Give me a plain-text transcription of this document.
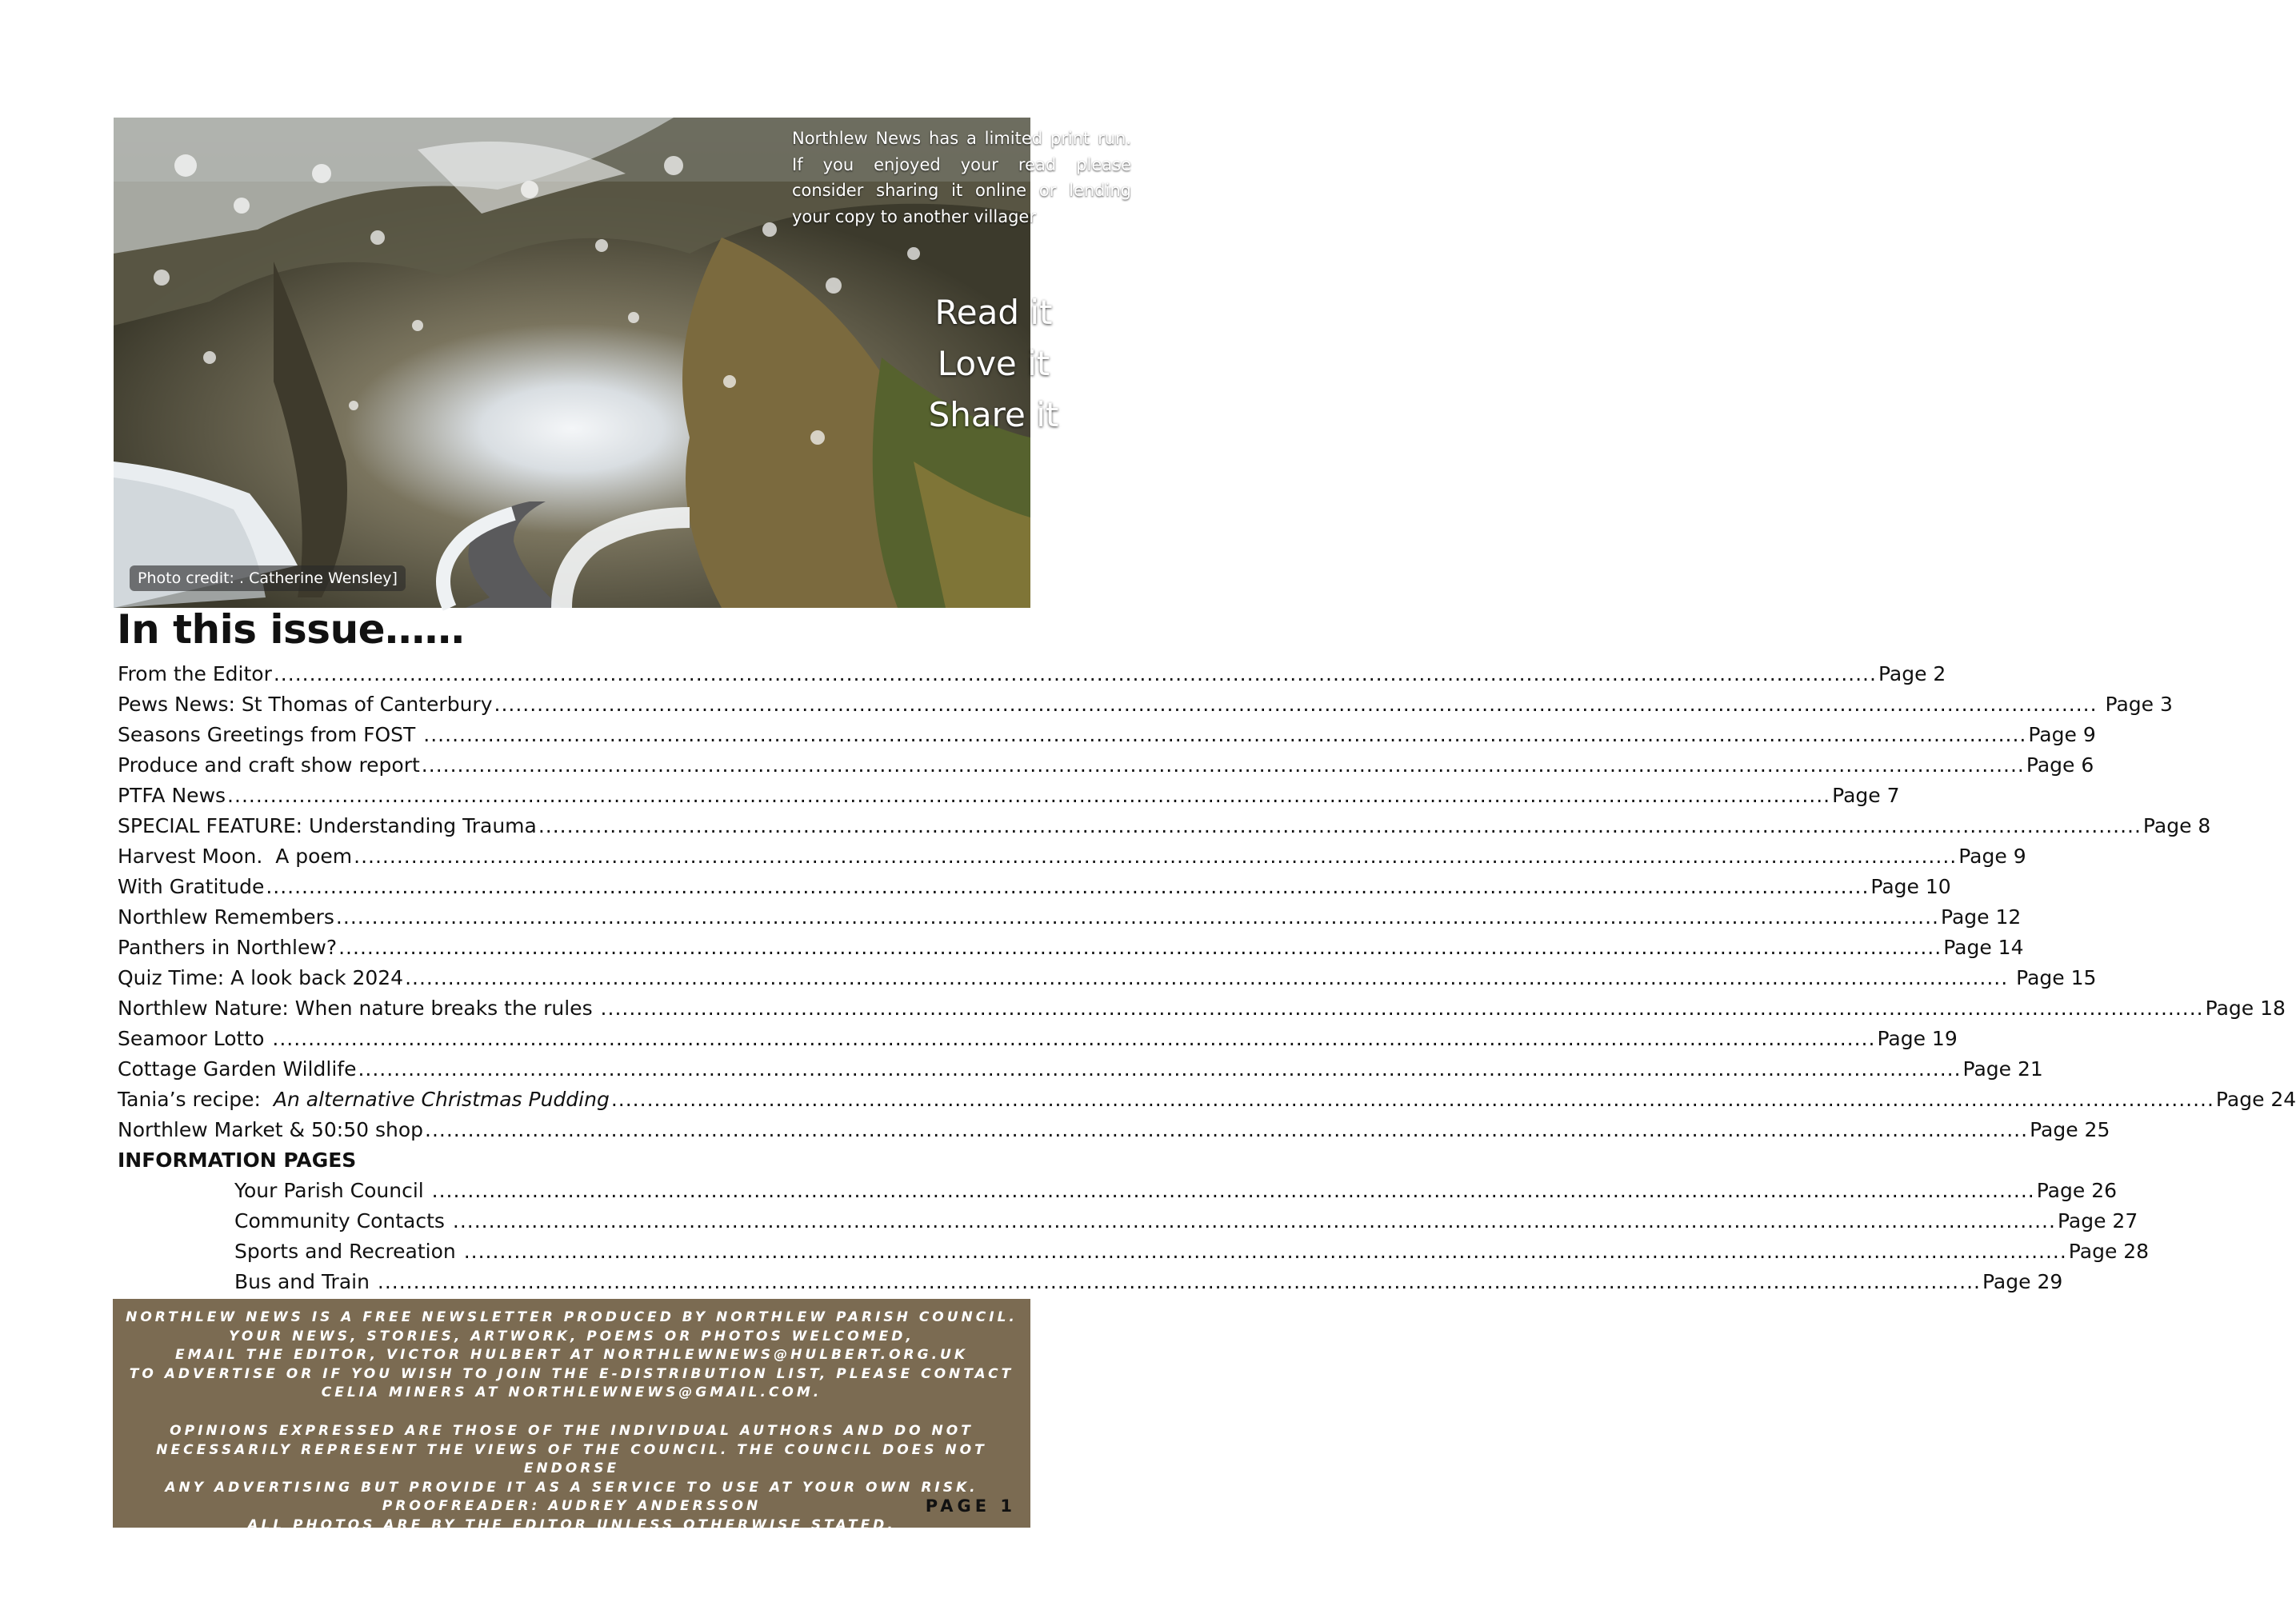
Northlew News has a limited print run. If you enjoyed your read please consider sharing it online or lending your copy to another villager
Read it
Love it
Share it
Photo credit: . Catherine Wensley]
In this issue……
From the Editor .....	Page 2
Pews News: St Thomas of Canterbury .....	Page 3
Seasons Greetings from FOST .....	Page 9
Produce and craft show report .....	Page 6
PTFA News .....	Page 7
SPECIAL FEATURE: Understanding Trauma .....	Page 8
Harvest Moon.  A poem .....	Page 9
With Gratitude .....	Page 10
Northlew Remembers .....	Page 12
Panthers in Northlew? .....	Page 14
Quiz Time: A look back 2024 .....	Page 15
Northlew Nature: When nature breaks the rules .....	Page 18
Seamoor Lotto .....	Page 19
Cottage Garden Wildlife .....	Page 21
Tania’s recipe: An alternative Christmas Pudding .....	Page 24
Northlew Market & 50:50 shop .....	Page 25
INFORMATION PAGES
Your Parish Council .....	Page 26
Community Contacts .....	Page 27
Sports and Recreation .....	Page 28
Bus and Train .....	Page 29
NORTHLEW NEWS IS A FREE NEWSLETTER PRODUCED BY NORTHLEW PARISH COUNCIL.
YOUR NEWS, STORIES, ARTWORK, POEMS OR PHOTOS WELCOMED,
EMAIL THE EDITOR, VICTOR HULBERT AT NORTHLEWNEWS@HULBERT.ORG.UK
TO ADVERTISE OR IF YOU WISH TO JOIN THE E-DISTRIBUTION LIST, PLEASE CONTACT
CELIA MINERS AT NORTHLEWNEWS@GMAIL.COM.
OPINIONS EXPRESSED ARE THOSE OF THE INDIVIDUAL AUTHORS AND DO NOT
NECESSARILY REPRESENT THE VIEWS OF THE COUNCIL. THE COUNCIL DOES NOT ENDORSE
ANY ADVERTISING BUT PROVIDE IT AS A SERVICE TO USE AT YOUR OWN RISK.
PROOFREADER: AUDREY ANDERSSON
ALL PHOTOS ARE BY THE EDITOR UNLESS OTHERWISE STATED.
PAGE 1
